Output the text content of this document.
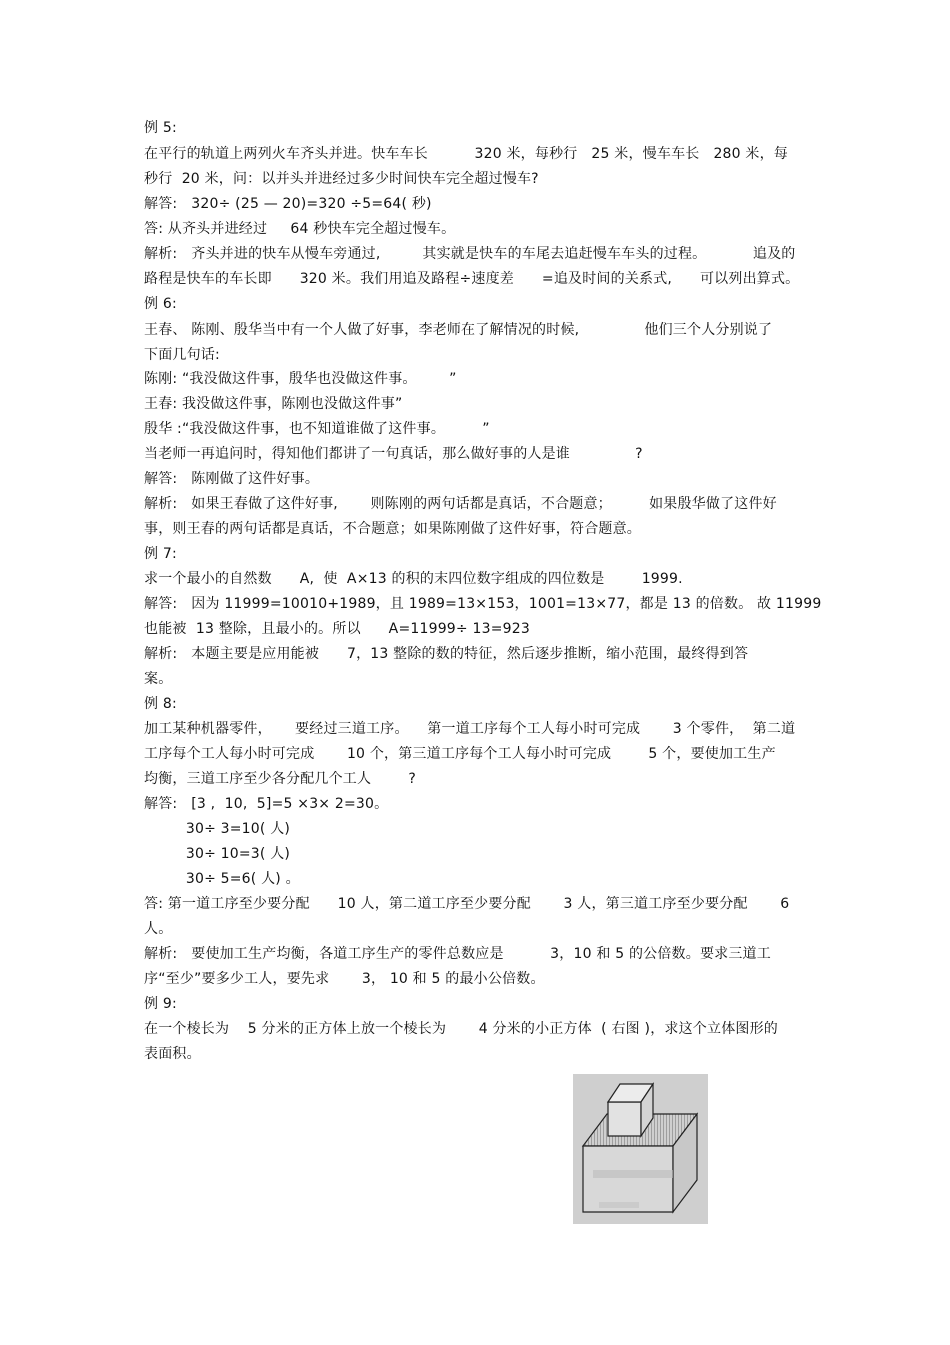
例 5:
在平行的轨道上两列火车齐头并进。快车车长          320 米，每秒行   25 米，慢车车长   280 米，每
秒行  20 米，问：以并头并进经过多少时间快车完全超过慢车?
解答:   320÷ (25 — 20)=320 ÷5=64( 秒)
答: 从齐头并进经过     64 秒快车完全超过慢车。
解析:   齐头并进的快车从慢车旁通过,         其实就是快车的车尾去追赶慢车车头的过程。          追及的
路程是快车的车长即      320 米。我们用追及路程÷速度差      =追及时间的关系式,      可以列出算式。
例 6:
王春、 陈刚、殷华当中有一个人做了好事，李老师在了解情况的时候,              他们三个人分别说了
下面几句话:
陈刚: “我没做这件事，殷华也没做这件事。       ”
王春: 我没做这件事，陈刚也没做这件事”
殷华 :“我没做这件事，也不知道谁做了这件事。        ”
当老师一再追问时，得知他们都讲了一句真话，那么做好事的人是谁              ?
解答:   陈刚做了这件好事。
解析:   如果王春做了这件好事,       则陈刚的两句话都是真话，不合题意；        如果殷华做了这件好
事，则王春的两句话都是真话，不合题意；如果陈刚做了这件好事，符合题意。
例 7:
求一个最小的自然数      A,  使  A×13 的积的末四位数字组成的四位数是        1999.
解答:   因为 11999=10010+1989，且 1989=13×153，1001=13×77，都是 13 的倍数。 故 11999
也能被  13 整除，且最小的。所以      A=11999÷ 13=923
解析:   本题主要是应用能被      7，13 整除的数的特征，然后逐步推断，缩小范围，最终得到答
案。
例 8:
加工某种机器零件，     要经过三道工序。    第一道工序每个工人每小时可完成       3 个零件，  第二道
工序每个工人每小时可完成       10 个，第三道工序每个工人每小时可完成        5 个，要使加工生产
均衡，三道工序至少各分配几个工人        ?
解答:   [3 ,  10,  5]=5 ×3× 2=30。
30÷ 3=10( 人)
30÷ 10=3( 人)
30÷ 5=6( 人) 。
答: 第一道工序至少要分配      10 人，第二道工序至少要分配       3 人，第三道工序至少要分配       6
人。
解析:   要使加工生产均衡，各道工序生产的零件总数应是          3，10 和 5 的公倍数。要求三道工
序“至少”要多少工人，要先求       3， 10 和 5 的最小公倍数。
例 9:
在一个棱长为    5 分米的正方体上放一个棱长为       4 分米的小正方体  ( 右图 )，求这个立体图形的
表面积。
